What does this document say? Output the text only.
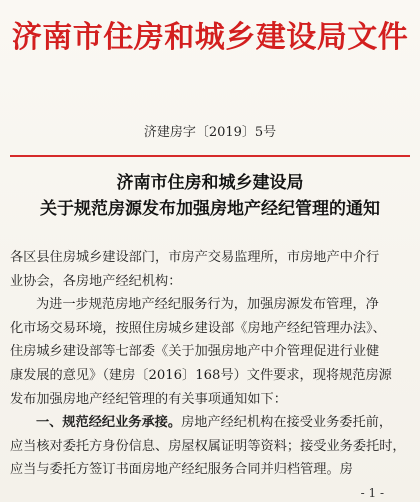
济南市住房和城乡建设局文件
济建房字〔2019〕5号
济南市住房和城乡建设局
关于规范房源发布加强房地产经纪管理的通知

各区县住房城乡建设部门，市房产交易监理所，市房地产中介行

业协会，各房地产经纪机构：

为进一步规范房地产经纪服务行为，加强房源发布管理，净

化市场交易环境，按照住房城乡建设部《房地产经纪管理办法》、

住房城乡建设部等七部委《关于加强房地产中介管理促进行业健

康发展的意见》（建房〔2016〕168号）文件要求，现将规范房源

发布加强房地产经纪管理的有关事项通知如下：

一、规范经纪业务承接。房地产经纪机构在接受业务委托前，

应当核对委托方身份信息、房屋权属证明等资料；接受业务委托时，

应当与委托方签订书面房地产经纪服务合同并归档管理。房

- 1 -
